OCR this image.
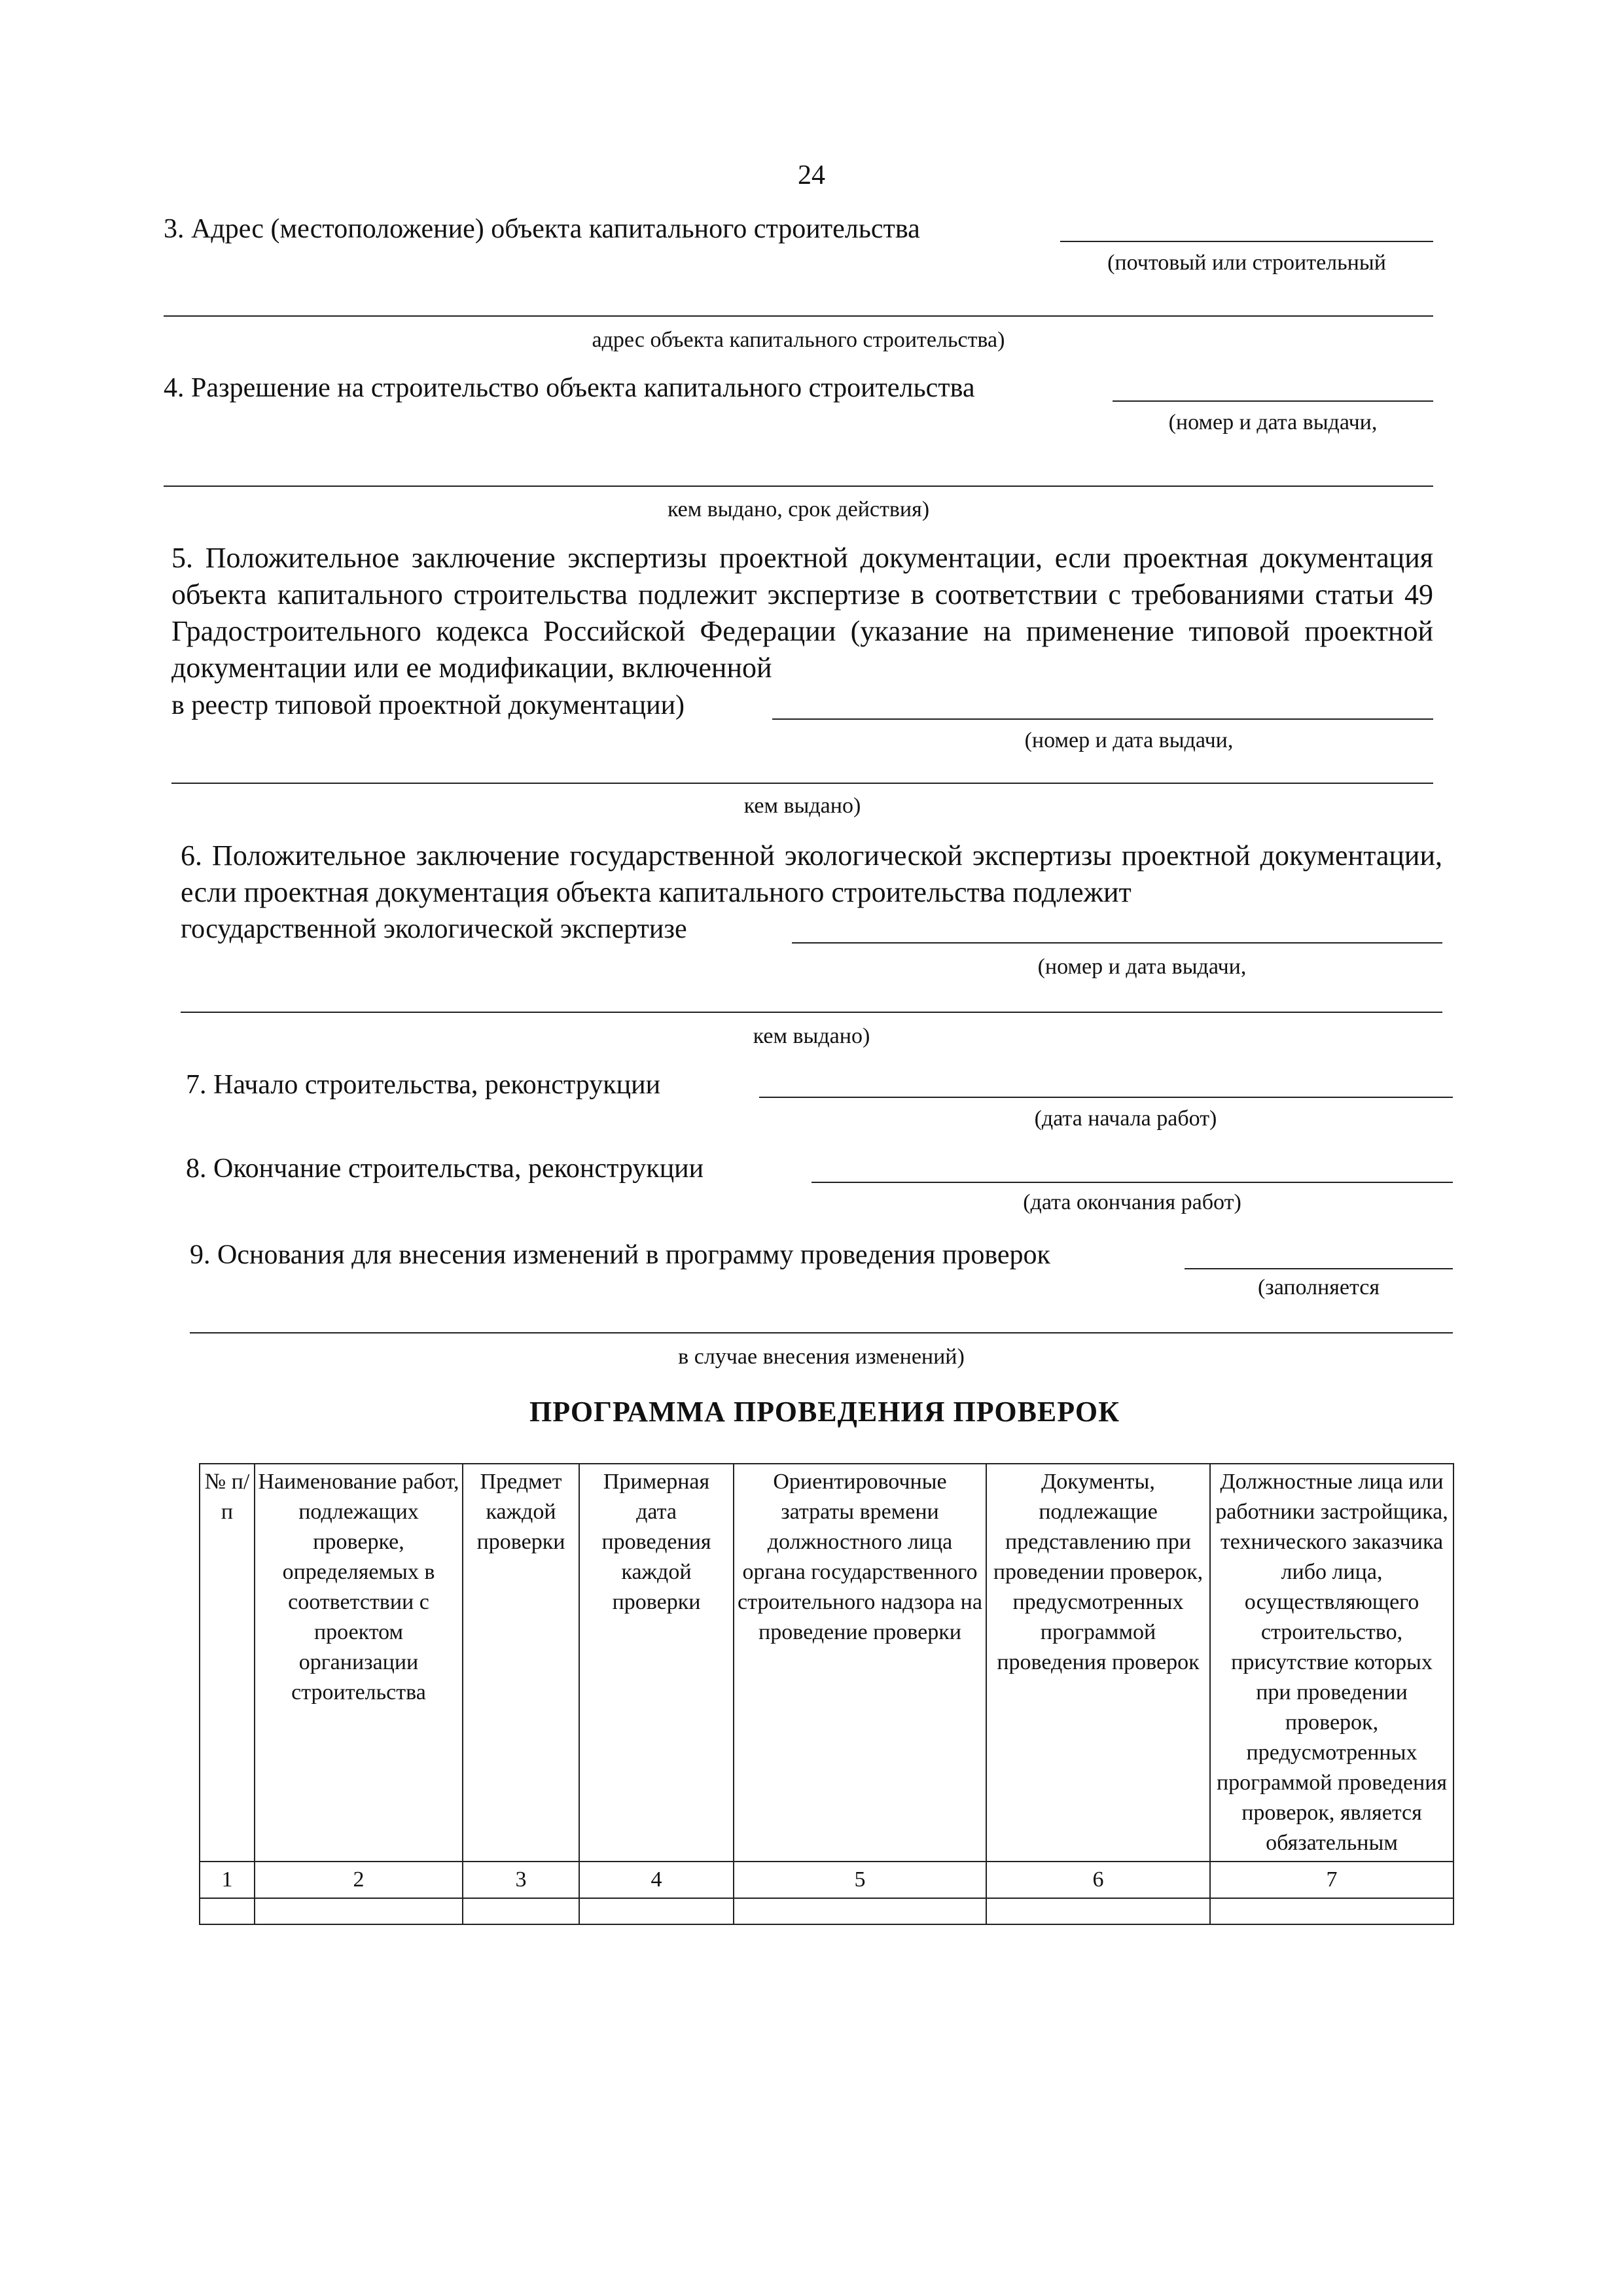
24
3. Адрес (местоположение) объекта капитального строительства
(почтовый или строительный
адрес объекта капитального строительства)
4. Разрешение на строительство объекта капитального строительства
(номер и дата выдачи,
кем выдано, срок действия)
5. Положительное заключение экспертизы проектной документации, если проектная документация объекта капитального строительства подлежит экспертизе в соответствии с требованиями статьи 49 Градостроительного кодекса Российской Федерации (указание на применение типовой проектной документации или ее модификации, включенной
в реестр типовой проектной документации)
(номер и дата выдачи,
кем выдано)
6. Положительное заключение государственной экологической экспертизы проектной документации, если проектная документация объекта капитального строительства подлежит
государственной экологической экспертизе
(номер и дата выдачи,
кем выдано)
7. Начало строительства, реконструкции
(дата начала работ)
8. Окончание строительства, реконструкции
(дата окончания работ)
9. Основания для внесения изменений в программу проведения проверок
(заполняется
в случае внесения изменений)
ПРОГРАММА ПРОВЕДЕНИЯ ПРОВЕРОК
№ п/п	Наименование работ, подлежащих проверке, определяемых в соответствии с проектом организации строительства	Предмет каждой проверки	Примерная дата проведения каждой проверки	Ориентировочные затраты времени должностного лица органа государственного строительного надзора на проведение проверки	Документы, подлежащие представлению при проведении проверок, предусмотренных программой проведения проверок	Должностные лица или работники застройщика, технического заказчика либо лица, осуществляющего строительство, присутствие которых при проведении проверок, предусмотренных программой проведения проверок, является обязательным
1	2	3	4	5	6	7
